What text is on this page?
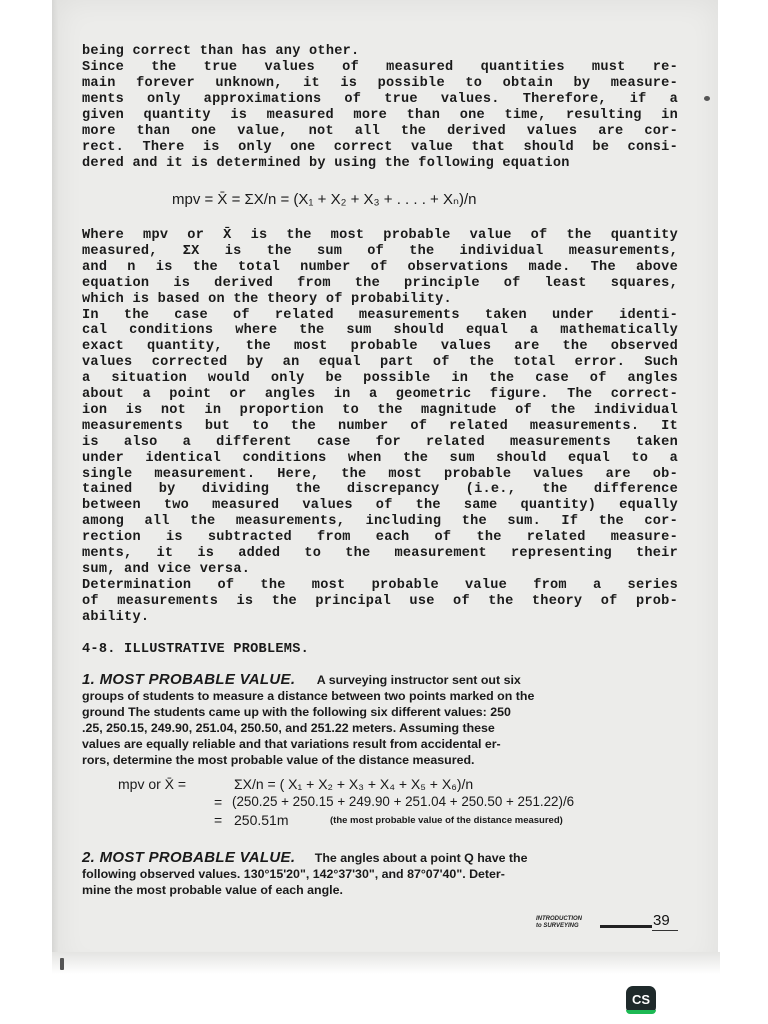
being correct than has any other.
Since the true values of measured quantities must re-
main forever unknown, it is possible to obtain by measure-
ments only approximations of true values. Therefore, if a
given quantity is measured more than one time, resulting in
more than one value, not all the derived values are cor-
rect. There is only one correct value that should be consi-
dered and it is determined by using the following equation
mpv = X̄ = ΣX/n = (X₁ + X₂ + X₃ + . . . . + Xₙ)/n
Where mpv or X̄ is the most probable value of the quantity
measured, ΣX is the sum of the individual measurements,
and n is the total number of observations made. The above
equation is derived from the principle of least squares,
which is based on the theory of probability.
In the case of related measurements taken under identi-
cal conditions where the sum should equal a mathematically
exact quantity, the most probable values are the observed
values corrected by an equal part of the total error. Such
a situation would only be possible in the case of angles
about a point or angles in a geometric figure. The correct-
ion is not in proportion to the magnitude of the individual
measurements but to the number of related measurements. It
is also a different case for related measurements taken
under identical conditions when the sum should equal to a
single measurement. Here, the most probable values are ob-
tained by dividing the discrepancy (i.e., the difference
between two measured values of the same quantity) equally
among all the measurements, including the sum. If the cor-
rection is subtracted from each of the related measure-
ments, it is added to the measurement representing their
sum, and vice versa.
Determination of the most probable value from a series
of measurements is the principal use of the theory of prob-
ability.
4-8. ILLUSTRATIVE PROBLEMS.
1. MOST PROBABLE VALUE. A surveying instructor sent out six
groups of students to measure a distance between two points marked on the
ground The students came up with the following six different values: 250
.25, 250.15, 249.90, 251.04, 250.50, and 251.22 meters. Assuming these
values are equally reliable and that variations result from accidental er-
rors, determine the most probable value of the distance measured.
mpv or X̄ =	ΣX/n = ( X₁ + X₂ + X₃ + X₄ + X₅ + X₆)/n
= (250.25 + 250.15 + 249.90 + 251.04 + 250.50 + 251.22)/6
= 250.51m	(the most probable value of the distance measured)
2. MOST PROBABLE VALUE. The angles about a point Q have the
following observed values. 130°15'20", 142°37'30", and 87°07'40". Deter-
mine the most probable value of each angle.
INTRODUCTION
to SURVEYING	39
CS
